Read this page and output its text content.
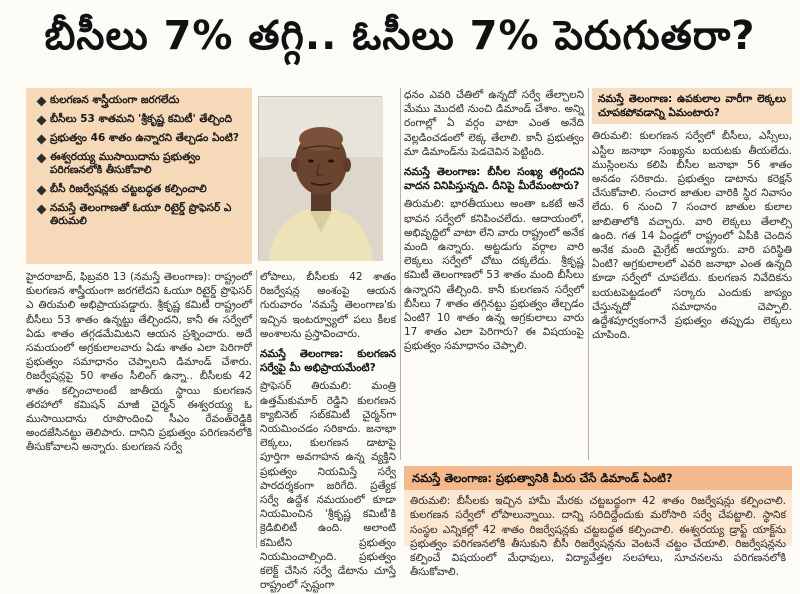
బీసీలు 7% తగ్గి.. ఓసీలు 7% పెరుగుతరా?
కులగణన శాస్త్రీయంగా జరగలేదు
బీసీలు 53 శాతమని 'శ్రీకృష్ణ కమిటీ' తేల్చింది
ప్రభుత్వం 46 శాతం ఉన్నారని తేల్చడం ఏంటి?
ఈశ్వరయ్య ముసాయిదాను ప్రభుత్వం పరిగణనలోకి తీసుకోవాలి
బీసీ రిజర్వేషన్లకు చట్టబద్ధత కల్పించాలి
నమస్తే తెలంగాణతో ఓయూ రిటైర్డ్ ప్రొఫెసర్ ఎ తిరుమలి

హైదరాబాద్, ఫిబ్రవరి 13 (నమస్తే తెలంగాణ): రాష్ట్రంలో కులగణన శాస్త్రీయంగా జరగలేదని ఓయూ రిటైర్డ్ ప్రొఫెసర్ ఎ తిరుమలి అభిప్రాయపడ్డారు. శ్రీకృష్ణ కమిటీ రాష్ట్రంలో బీసీలు 53 శాతం ఉన్నట్టు తేల్చిందని, కానీ ఈ సర్వేలో ఏడు శాతం తగ్గడమేమిటని ఆయన ప్రశ్నించారు. అదే సమయంలో అగ్రకులాలవారు ఏడు శాతం ఎలా పెరిగారో ప్రభుత్వం సమాధానం చెప్పాలని డిమాండ్ చేశారు. రిజర్వేషన్లపై 50 శాతం సీలింగ్ ఉన్నా.. బీసీలకు 42 శాతం కల్పించాలంటే జాతీయ స్థాయి కులగణన తరహాలో కమిషన్ మాజీ చైర్మన్ ఈశ్వరయ్య ఓ ముసాయిదాను రూపొందించి సీఎం రేవంత్‌రెడ్డికి అందజేసినట్టు తెలిపారు. దానిని ప్రభుత్వం పరిగణనలోకి తీసుకోవాలని అన్నారు. కులగణన సర్వే

లోపాలు, బీసీలకు 42 శాతం రిజర్వేషన్ల అంశంపై ఆయన గురువారం 'నమస్తే తెలంగాణ'కు ఇచ్చిన ఇంటర్వ్యూలో పలు కీలక అంశాలను ప్రస్తావించారు.

నమస్తే తెలంగాణ: కులగణన సర్వేపై మీ అభిప్రాయమేంటి?

ప్రొఫెసర్ తిరుమలి: మంత్రి ఉత్తమ్‌కుమార్ రెడ్డిని కులగణన క్యాబినెట్ సబ్‌కమిటీ చైర్మన్‌గా నియమించడం సరికాదు. జనాభా లెక్కలు, కులగణన డాటాపై పూర్తిగా అవగాహన ఉన్న వ్యక్తిని ప్రభుత్వం నియమిస్తే సర్వే పారదర్శకంగా జరిగేది. ప్రత్యేక సర్వే ఉద్దేశ నమయంలో కూడా నియమించిన 'శ్రీకృష్ణ కమిటీ'కి క్రెడిబిలిటీ ఉంది. అలాంటి కమిటీని ప్రభుత్వం నియమించాల్సింది. ప్రభుత్వం కలెక్ట్ చేసిన సర్వే డేటాను చూస్తే రాష్ట్రంలో స్పష్టంగా

ధనం ఎవరి చేతిలో ఉన్నదో సర్వే తేల్చాలని మేము మొదటి నుంచి డిమాండ్ చేశాం. అన్ని రంగాల్లో ఏ వర్గం వాటా ఎంత అనేది వెల్లడించడంలో లెక్క తేలాలి. కానీ ప్రభుత్వం మా డిమాండ్‌ను పెడచెవిన పెట్టింది.

నమస్తే తెలంగాణ: బీసీల సంఖ్య తగ్గిందని వాదన వినిపిస్తున్నది. దీనిపై మీరేమంటారు?

తిరుమలి: భారతీయులు అంతా ఒకటే అనే భావన సర్వేలో కనిపించలేదు. ఆదాయంలో, అభివృద్ధిలో వాటా లేని వారు రాష్ట్రంలో అనేక మంది ఉన్నారు. అట్టడుగు వర్గాల వారి లెక్కలు సర్వేలో చోటు దక్కలేదు. శ్రీకృష్ణ కమిటీ తెలంగాణలో 53 శాతం మంది బీసీలు ఉన్నారని తేల్చింది. కానీ కులగణన సర్వేలో బీసీలు 7 శాతం తగ్గినట్టు ప్రభుత్వం తేల్చడం ఏంటి? 10 శాతం ఉన్న అగ్రకులాలు వారు 17 శాతం ఎలా పెరిగారు? ఈ విషయంపై ప్రభుత్వం సమాధానం చెప్పాలి.

నమస్తే తెలంగాణ: ఉపకులాల వారీగా లెక్కలు చూపకపోవడాన్ని ఏమంటారు?

తిరుమలి: కులగణన సర్వేలో బీసీలు, ఎస్సీలు, ఎస్టీల జనాభా సంఖ్యను బయటకు తీయలేదు. ముస్లింలను కలిపి బీసీల జనాభా 56 శాతం అనడం సరికాదు. ప్రభుత్వం డాటాను కరెక్షన్ చేసుకోవాలి. సంచార జాతుల వారికి స్థిర నివాసం లేదు. 6 నుంచి 7 సంచార జాతుల కులాల జాబితాలోకి వచ్చారు. వారి లెక్కలు తేలాల్సి ఉంది. గత 14 ఏండ్లలో రాష్ట్రంలో ఏపీకి చెందిన అనేక మంది మైగ్రేట్ అయ్యారు. వారి పరిస్థితి ఏంటి? అగ్రకులాలలో ఎవరి జనాభా ఎంత ఉన్నది కూడా సర్వేలో చూపలేదు. కులగణన నివేదికను బయటపెట్టడంలో సర్కారు ఎందుకు జాప్యం చేస్తున్నదో సమాధానం చెప్పాలి. ఉద్దేశపూర్వకంగానే ప్రభుత్వం తప్పుడు లెక్కలు చూపింది.

నమస్తే తెలంగాణ: ప్రభుత్వానికి మీరు చేసే డిమాండ్ ఏంటి?

తిరుమలి: బీసీలకు ఇచ్చిన హామీ మేరకు చట్టబద్ధంగా 42 శాతం రిజర్వేషన్లు కల్పించాలి. కులగణన సర్వేలో లోపాలున్నాయి. దాన్ని సరిదిద్దేందుకు మరోసారి సర్వే చేపట్టాలి. స్థానిక సంస్థల ఎన్నికల్లో 42 శాతం రిజర్వేషన్లకు చట్టబద్ధత కల్పించాలి. ఈశ్వరయ్య డ్రాఫ్ట్ యాక్ట్‌ను ప్రభుత్వం పరిగణనలోకి తీసుకుని బీసీ రిజర్వేషన్లను వెంటనే చట్టం చేయాలి. రిజర్వేషన్లను కల్పించే విషయంలో మేధావులు, విద్యావేత్తల సలహాలు, సూచనలను పరిగణనలోకి తీసుకోవాలి.
